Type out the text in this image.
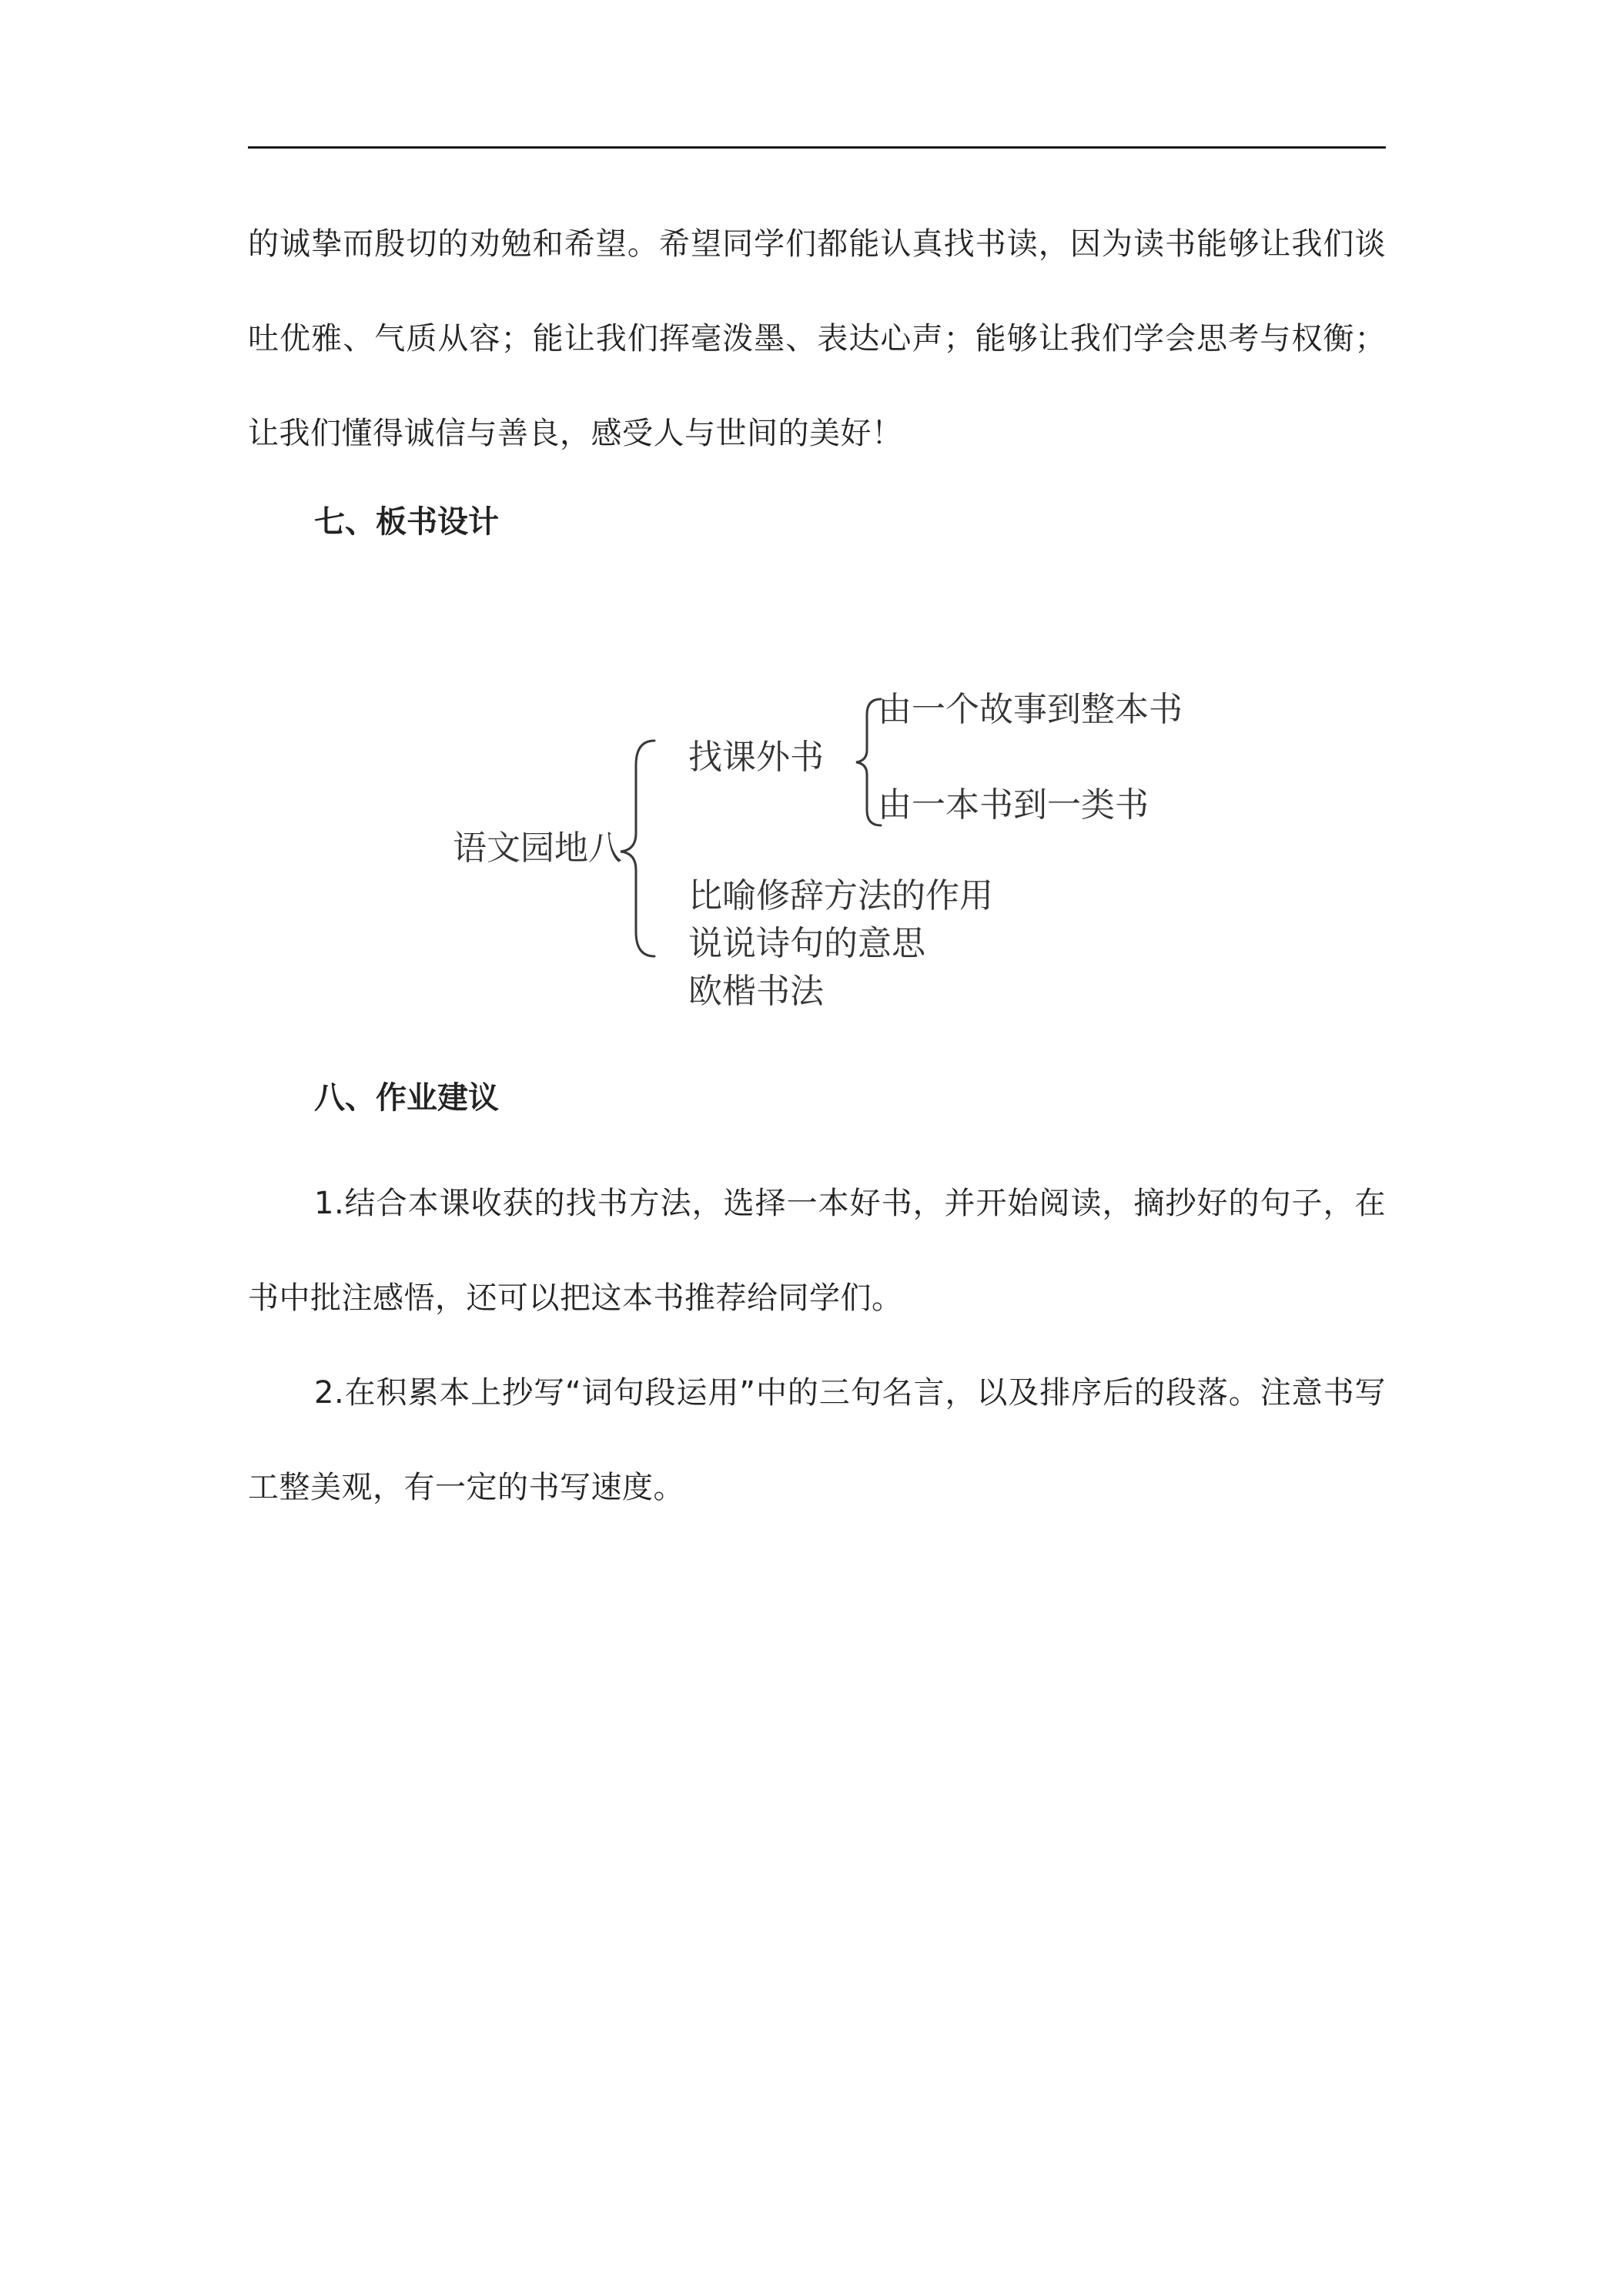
的诚挚而殷切的劝勉和希望。希望同学们都能认真找书读，因为读书能够让我们谈吐优雅、气质从容；能让我们挥毫泼墨、表达心声；能够让我们学会思考与权衡；让我们懂得诚信与善良，感受人与世间的美好！

七、板书设计
语文园地八
找课外书
由一个故事到整本书
由一本书到一类书
比喻修辞方法的作用
说说诗句的意思
欧楷书法
八、作业建议

1.结合本课收获的找书方法，选择一本好书，并开始阅读，摘抄好的句子，在书中批注感悟，还可以把这本书推荐给同学们。

2.在积累本上抄写“词句段运用”中的三句名言，以及排序后的段落。注意书写工整美观，有一定的书写速度。
